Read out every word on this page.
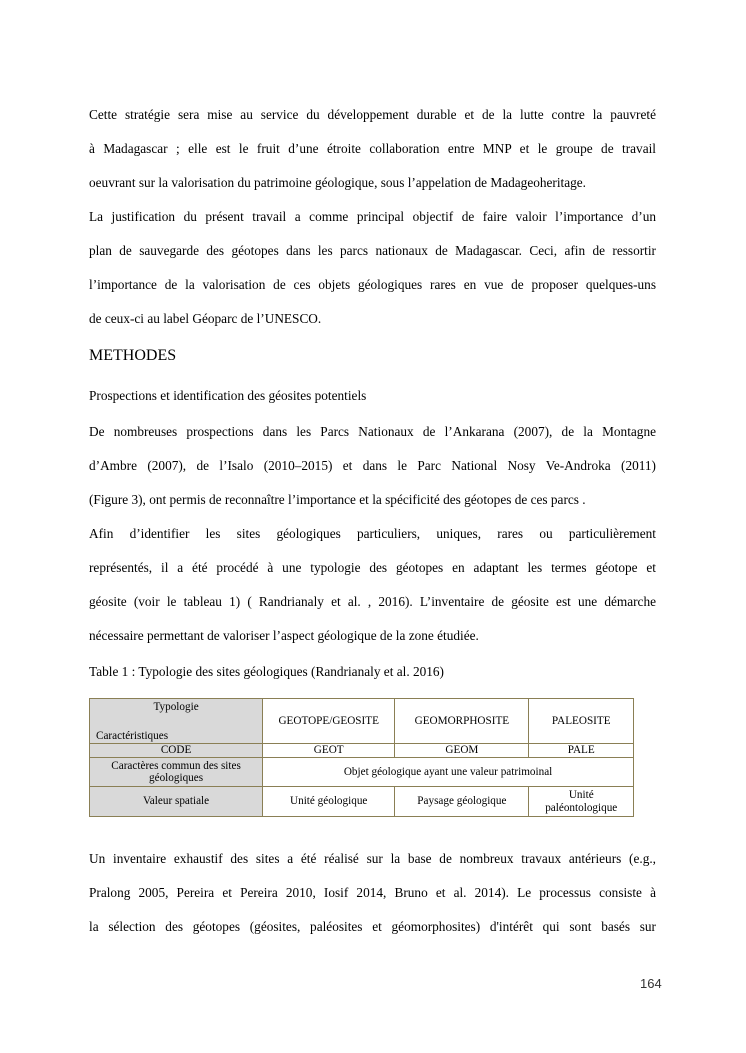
Cette stratégie sera mise au service du développement durable et de la lutte contre la pauvreté
à Madagascar ; elle est le fruit d’une étroite collaboration entre MNP et le groupe de travail
oeuvrant sur la valorisation du patrimoine géologique, sous l’appelation de Madageoheritage.
La justification du présent travail a comme principal objectif de faire valoir l’importance d’un
plan de sauvegarde des géotopes dans les parcs nationaux de Madagascar. Ceci, afin de ressortir
l’importance de la valorisation de ces objets géologiques rares en vue de proposer quelques-uns
de ceux-ci au label Géoparc de l’UNESCO.
METHODES

Prospections et identification des géosites potentiels

De nombreuses prospections dans les Parcs Nationaux de l’Ankarana (2007), de la Montagne
d’Ambre (2007), de l’Isalo (2010–2015) et dans le Parc National Nosy Ve-Androka (2011)
(Figure 3), ont permis de reconnaître l’importance et la spécificité des géotopes de ces parcs .
Afin d’identifier les sites géologiques particuliers, uniques, rares ou particulièrement
représentés, il a été procédé à une typologie des géotopes en adaptant les termes géotope et
géosite (voir le tableau 1) ( Randrianaly et al. , 2016). L’inventaire de géosite est une démarche
nécessaire permettant de valoriser l’aspect géologique de la zone étudiée.

Table 1 : Typologie des sites géologiques (Randrianaly et al. 2016)

Typologie
Caractéristiques	GEOTOPE/GEOSITE	GEOMORPHOSITE	PALEOSITE
CODE	GEOT	GEOM	PALE
Caractères commun des sites géologiques	Objet géologique ayant une valeur patrimoinal		
Valeur spatiale	Unité géologique	Paysage géologique	Unité paléontologique
Un inventaire exhaustif des sites a été réalisé sur la base de nombreux travaux antérieurs (e.g.,
Pralong 2005, Pereira et Pereira 2010, Iosif 2014, Bruno et al. 2014). Le processus consiste à
la sélection des géotopes (géosites, paléosites et géomorphosites) d'intérêt qui sont basés sur
164
